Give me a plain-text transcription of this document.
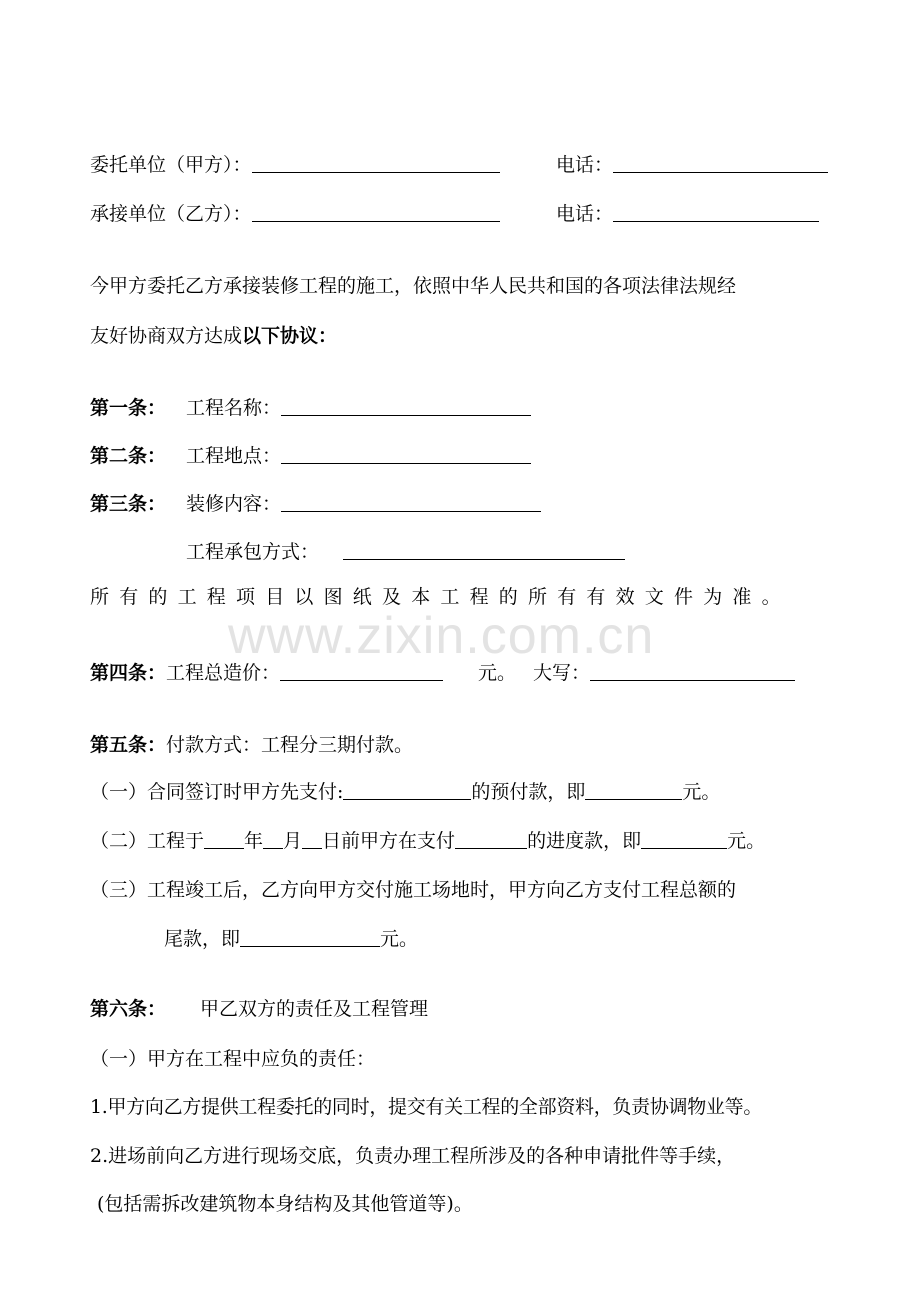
www.zixin.com.cn
委托单位（甲方）：	电话：
承接单位（乙方）：	电话：
今甲方委托乙方承接装修工程的施工，依照中华人民共和国的各项法律法规经
友好协商双方达成以下协议：
第一条： 工程名称：
第二条： 工程地点：
第三条： 装修内容：
工程承包方式：
所有的工程项目以图纸及本工程的所有有效文件为准。
第四条：工程总造价：	元。 大写：
第五条：付款方式：工程分三期付款。
（一）合同签订时甲方先支付:	的预付款，即	元。
（二）工程于 年 月 日前甲方在支付	的进度款，即	元。
（三）工程竣工后，乙方向甲方交付施工场地时，甲方向乙方支付工程总额的
尾款，即	元。
第六条： 甲乙双方的责任及工程管理
（一）甲方在工程中应负的责任：
1.甲方向乙方提供工程委托的同时，提交有关工程的全部资料，负责协调物业等。
2.进场前向乙方进行现场交底，负责办理工程所涉及的各种申请批件等手续，
(包括需拆改建筑物本身结构及其他管道等)。
